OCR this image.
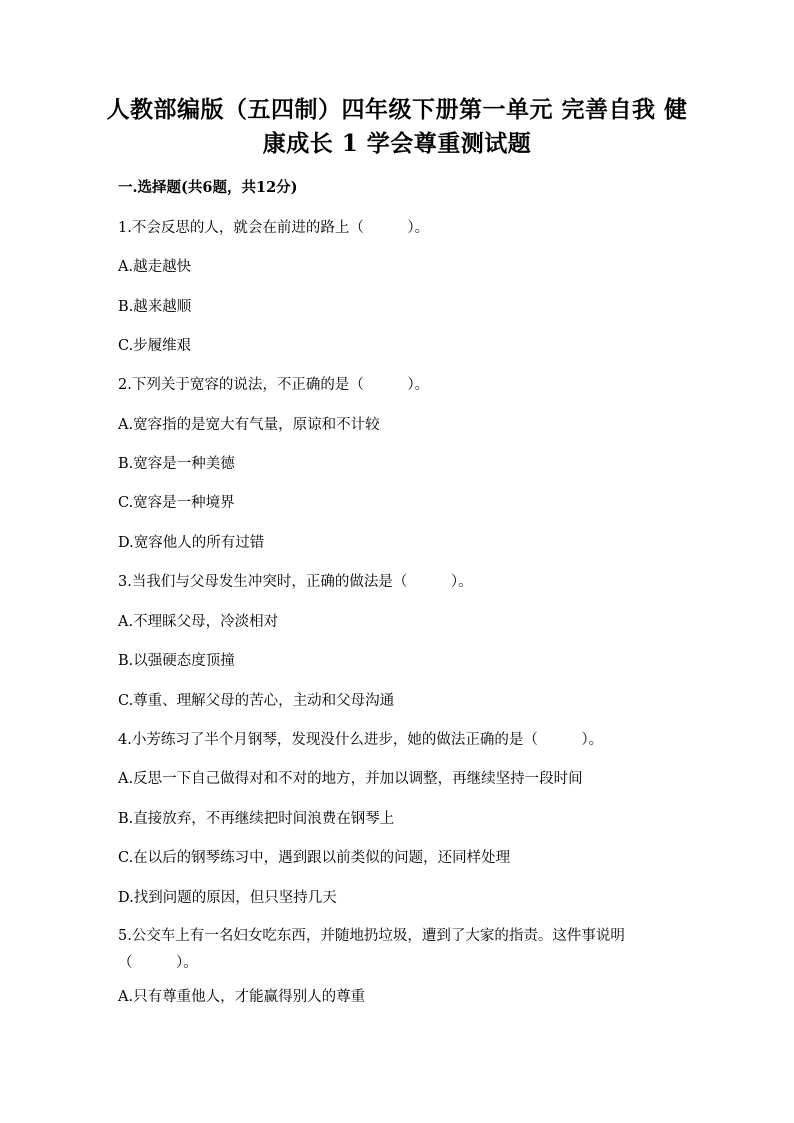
人教部编版（五四制）四年级下册第一单元 完善自我 健康成长 1 学会尊重测试题
一.选择题(共6题，共12分)
1.不会反思的人，就会在前进的路上（　　　）。
A.越走越快
B.越来越顺
C.步履维艰
2.下列关于宽容的说法，不正确的是（　　　）。
A.宽容指的是宽大有气量，原谅和不计较
B.宽容是一种美德
C.宽容是一种境界
D.宽容他人的所有过错
3.当我们与父母发生冲突时，正确的做法是（　　　）。
A.不理睬父母，冷淡相对
B.以强硬态度顶撞
C.尊重、理解父母的苦心，主动和父母沟通
4.小芳练习了半个月钢琴，发现没什么进步，她的做法正确的是（　　　）。
A.反思一下自己做得对和不对的地方，并加以调整，再继续坚持一段时间
B.直接放弃，不再继续把时间浪费在钢琴上
C.在以后的钢琴练习中，遇到跟以前类似的问题，还同样处理
D.找到问题的原因，但只坚持几天
5.公交车上有一名妇女吃东西，并随地扔垃圾，遭到了大家的指责。这件事说明（　　　）。
A.只有尊重他人，才能赢得别人的尊重
